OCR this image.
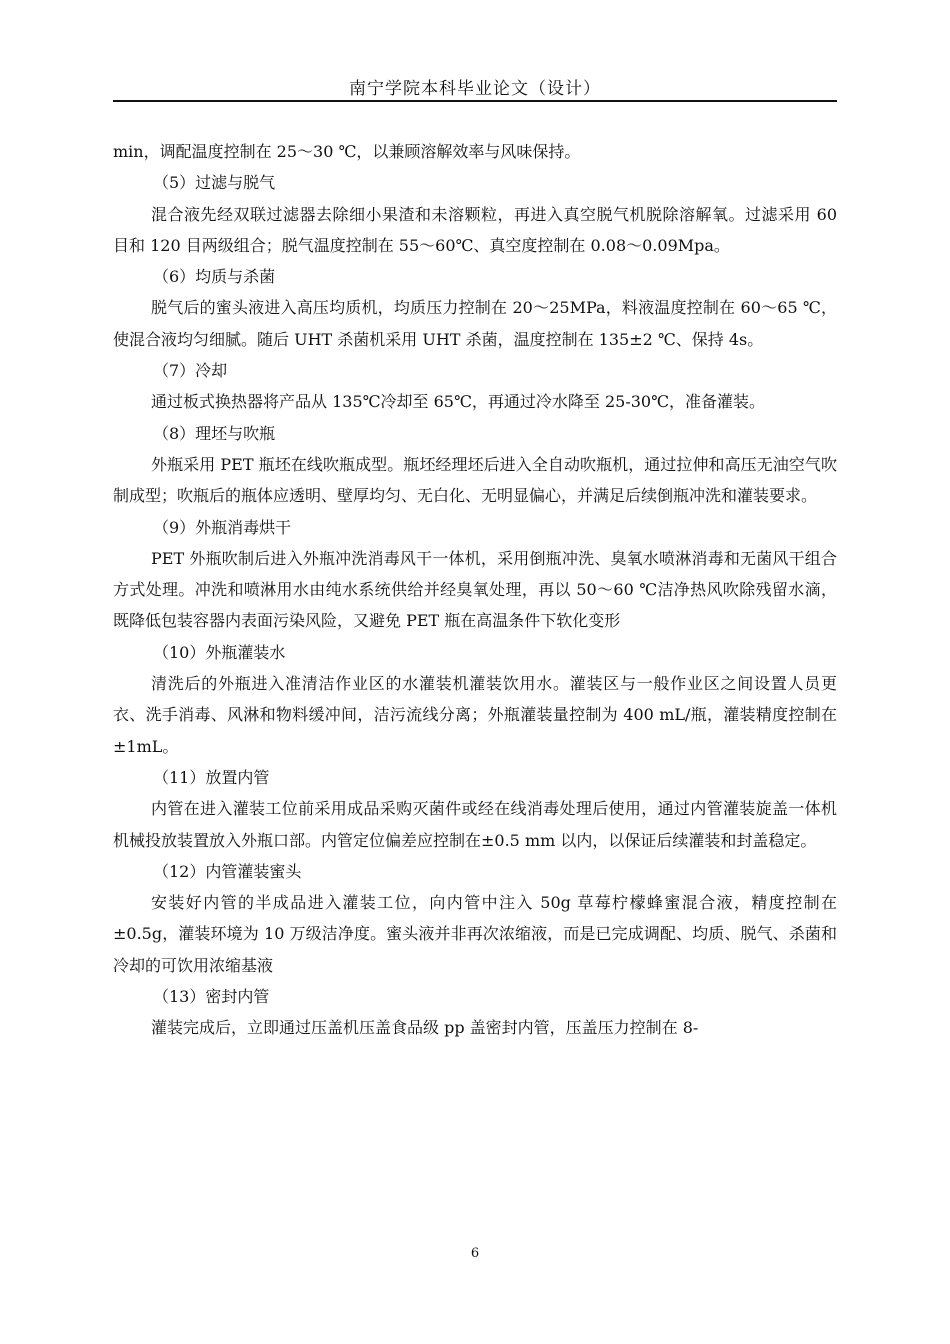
南宁学院本科毕业论文（设计）

min，调配温度控制在 25～30 ℃，以兼顾溶解效率与风味保持。

（5）过滤与脱气

混合液先经双联过滤器去除细小果渣和未溶颗粒，再进入真空脱气机脱除溶解氧。过滤采用 60 目和 120 目两级组合；脱气温度控制在 55～60℃、真空度控制在 0.08～0.09Mpa。

（6）均质与杀菌

脱气后的蜜头液进入高压均质机，均质压力控制在 20～25MPa，料液温度控制在 60～65 ℃，使混合液均匀细腻。随后 UHT 杀菌机采用 UHT 杀菌，温度控制在 135±2 ℃、保持 4s。

（7）冷却

通过板式换热器将产品从 135℃冷却至 65℃，再通过冷水降至 25-30℃，准备灌装。

（8）理坯与吹瓶

外瓶采用 PET 瓶坯在线吹瓶成型。瓶坯经理坯后进入全自动吹瓶机，通过拉伸和高压无油空气吹制成型；吹瓶后的瓶体应透明、壁厚均匀、无白化、无明显偏心，并满足后续倒瓶冲洗和灌装要求。

（9）外瓶消毒烘干

PET 外瓶吹制后进入外瓶冲洗消毒风干一体机，采用倒瓶冲洗、臭氧水喷淋消毒和无菌风干组合方式处理。冲洗和喷淋用水由纯水系统供给并经臭氧处理，再以 50～60 ℃洁净热风吹除残留水滴，既降低包装容器内表面污染风险，又避免 PET 瓶在高温条件下软化变形

（10）外瓶灌装水

清洗后的外瓶进入准清洁作业区的水灌装机灌装饮用水。灌装区与一般作业区之间设置人员更衣、洗手消毒、风淋和物料缓冲间，洁污流线分离；外瓶灌装量控制为 400 mL/瓶，灌装精度控制在±1mL。

（11）放置内管

内管在进入灌装工位前采用成品采购灭菌件或经在线消毒处理后使用，通过内管灌装旋盖一体机机械投放装置放入外瓶口部。内管定位偏差应控制在±0.5 mm 以内，以保证后续灌装和封盖稳定。

（12）内管灌装蜜头

安装好内管的半成品进入灌装工位，向内管中注入 50g 草莓柠檬蜂蜜混合液，精度控制在±0.5g，灌装环境为 10 万级洁净度。蜜头液并非再次浓缩液，而是已完成调配、均质、脱气、杀菌和冷却的可饮用浓缩基液

（13）密封内管

灌装完成后，立即通过压盖机压盖食品级 pp 盖密封内管，压盖压力控制在 8-

6
